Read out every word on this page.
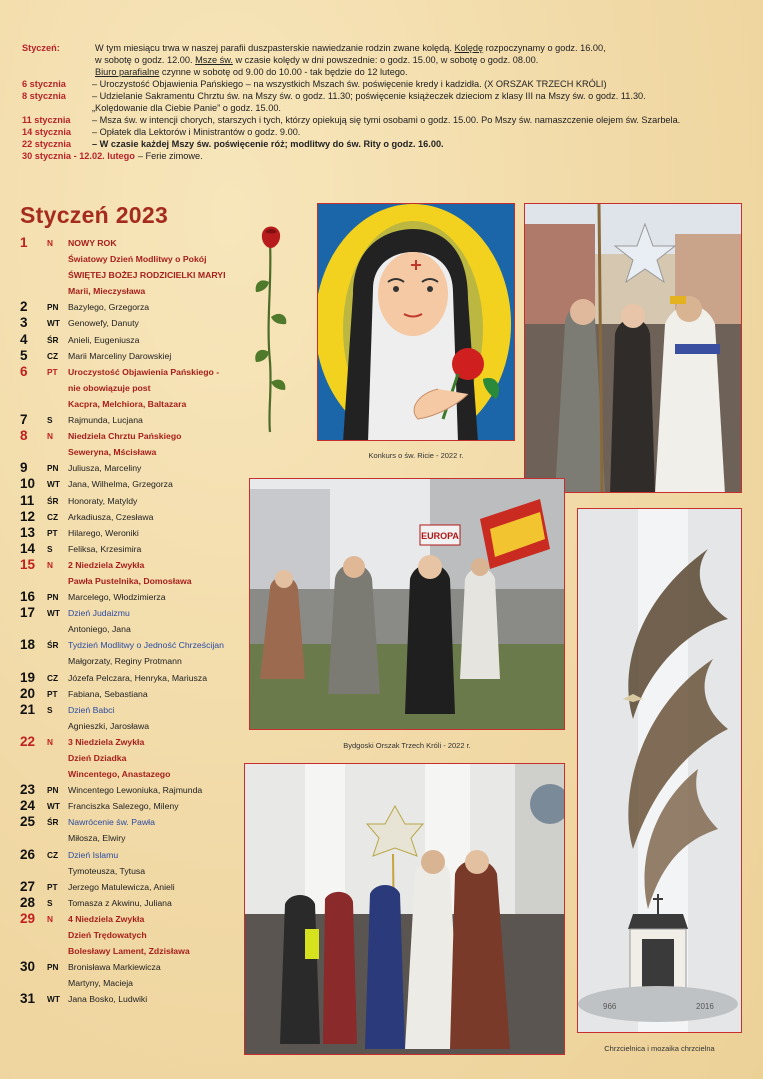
Styczeń:	W tym miesiącu trwa w naszej parafii duszpasterskie nawiedzanie rodzin zwane kolędą. Kolędę rozpoczynamy o godz. 16.00,
w sobotę o godz. 12.00. Msze św. w czasie kolędy w dni powszednie: o godz. 15.00, w sobotę o godz. 08.00.
Biuro parafialne czynne w sobotę od 9.00 do 10.00 - tak będzie do 12 lutego.
6 stycznia	– Uroczystość Objawienia Pańskiego – na wszystkich Mszach św. poświęcenie kredy i kadzidła. (X ORSZAK TRZECH KRÓLI)
8 stycznia	– Udzielanie Sakramentu Chrztu św. na Mszy św. o godz. 11.30; poświęcenie książeczek dzieciom z klasy III na Mszy św. o godz. 11.30.
„Kolędowanie dla Ciebie Panie” o godz. 15.00.
11 stycznia – Msza św. w intencji chorych, starszych i tych, którzy opiekują się tymi osobami o godz. 15.00. Po Mszy św. namaszczenie olejem św. Szarbela.
14 stycznia – Opłatek dla Lektorów i Ministrantów o godz. 9.00.
22 stycznia – W czasie każdej Mszy św. poświęcenie róż; modlitwy do św. Rity o godz. 16.00.
30 stycznia - 12.02. lutego – Ferie zimowe.
Styczeń 2023
1	N NOWY ROK
Światowy Dzień Modlitwy o Pokój
ŚWIĘTEJ BOŻEJ RODZICIELKI MARYI
Marii, Mieczysława
2	PN Bazylego, Grzegorza
3	WT Genowefy, Danuty
4	ŚR Anieli, Eugeniusza
5	CZ Marii Marceliny Darowskiej
6	PT Uroczystość Objawienia Pańskiego -
nie obowiązuje post
Kacpra, Melchiora, Baltazara
7	S Rajmunda, Lucjana
8	N Niedziela Chrztu Pańskiego
Seweryna, Mścisława
9	PN Juliusza, Marceliny
10	WT Jana, Wilhelma, Grzegorza
11	ŚR Honoraty, Matyldy
12	CZ Arkadiusza, Czesława
13	PT Hilarego, Weroniki
14	S Feliksa, Krzesimira
15	N 2 Niedziela Zwykła
Pawła Pustelnika, Domosława
16	PN Marcelego, Włodzimierza
17	WT Dzień Judaizmu
Antoniego, Jana
18	ŚR Tydzień Modlitwy o Jedność Chrześcijan
Małgorzaty, Reginy Protmann
19	CZ Józefa Pelczara, Henryka, Mariusza
20	PT Fabiana, Sebastiana
21	S Dzień Babci
Agnieszki, Jarosława
22	N 3 Niedziela Zwykła
Dzień Dziadka
Wincentego, Anastazego
23	PN Wincentego Lewoniuka, Rajmunda
24	WT Franciszka Salezego, Mileny
25	ŚR Nawrócenie św. Pawła
Miłosza, Elwiry
26	CZ Dzień Islamu
Tymoteusza, Tytusa
27	PT Jerzego Matulewicza, Anieli
28	S Tomasza z Akwinu, Juliana
29	N 4 Niedziela Zwykła
Dzień Trędowatych
Bolesławy Lament, Zdzisława
30	PN Bronisława Markiewicza
Martyny, Macieja
31	WT Jana Bosko, Ludwiki
Konkurs o św. Ricie - 2022 r.
EUROPA
Bydgoski Orszak Trzech Króli - 2022 r.
966	2016
Chrzcielnica i mozaika chrzcielna
